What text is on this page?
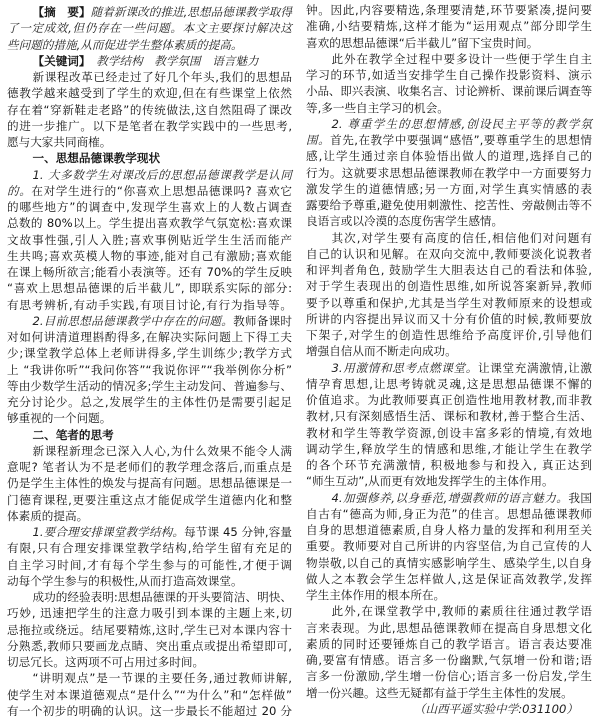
【摘　要】随着新课改的推进,思想品德课教学取得
了一定成效,但仍存在一些问题。本文主要探讨解决这
些问题的措施,从而促进学生整体素质的提高。
【关键词】　教学结构　教学氛围　语言魅力
新课程改革已经走过了好几个年头,我们的思想品
德教学越来越受到了学生的欢迎,但在有些课堂上依然
存在着“穿新鞋走老路”的传统做法,这自然阻碍了课改
的进一步推广。以下是笔者在教学实践中的一些思考,
愿与大家共同商榷。
一、思想品德课教学现状
1. 大多数学生对课改后的思想品德课教学是认同
的。在对学生进行的“你喜欢上思想品德课吗? 喜欢它
的哪些地方”的调查中,发现学生喜欢上的人数占调查
总数的 80%以上。学生提出喜欢教学气氛宽松:喜欢课
文故事性强,引人入胜;喜欢事例贴近学生生活而能产
生共鸣;喜欢英模人物的事迹,能对自己有激励;喜欢能
在课上畅所欲言;能看小表演等。还有 70%的学生反映
“喜欢上思想品德课的后半截儿”, 即联系实际的部分:
有思考辨析,有动手实践,有项目讨论,有行为指导等。
2.目前思想品德课教学中存在的问题。教师备课时
对如何讲清道理斟酌得多,在解决实际问题上下得工夫
少;课堂教学总体上老师讲得多,学生训练少;教学方式
上 “我讲你听”“我问你答”“我说你评”“我举例你分析”
等由少数学生活动的情况多;学生主动发问、普遍参与、
充分讨论少。总之,发展学生的主体性仍是需要引起足
够重视的一个问题。
二、笔者的思考
新课程新理念已深入人心,为什么效果不能令人满
意呢? 笔者认为不是老师们的教学理念落后,而重点是
仍是学生主体性的焕发与提高有问题。思想品德课是一
门德育课程,更要注重这点才能促成学生道德内化和整
体素质的提高。
1.要合理安排课堂教学结构。每节课 45 分钟,容量
有限,只有合理安排课堂教学结构,给学生留有充足的
自主学习时间,才有每个学生参与的可能性,才便于调
动每个学生参与的积极性,从而打造高效课堂。
成功的经验表明:思想品德课的开头要简洁、明快、
巧妙, 迅速把学生的注意力吸引到本课的主题上来,切
忌拖拉或绕远。结尾要精炼,这时,学生已对本课内容十
分熟悉,教师只要画龙点睛、突出重点或提出希望即可,
切忌冗长。这两项不可占用过多时间。
“讲明观点”是一节课的主要任务,通过教师讲解,
使学生对本课道德观点“是什么”“为什么”和“怎样做”
有一个初步的明确的认识。这一步最长不能超过 20 分
钟。因此,内容要精选,条理要清楚,环节要紧凑,提问要
准确,小结要精炼,这样才能为“运用观点”部分即学生
喜欢的思想品德课“后半截儿”留下宝贵时间。
此外在教学全过程中要多设计一些便于学生自主
学习的环节,如适当安排学生自己操作投影资料、演示
小品、即兴表演、收集名言、讨论辨析、课前课后调查等
等,多一些自主学习的机会。
2. 尊重学生的思想情感,创设民主平等的教学氛
围。首先,在教学中要强调“感悟”,要尊重学生的思想情
感,让学生通过亲自体验悟出做人的道理,选择自己的
行为。这就要求思想品德课教师在教学中一方面要努力
激发学生的道德情感;另一方面,对学生真实情感的表
露要给予尊重,避免使用刺激性、挖苦性、旁敲侧击等不
良语言或以冷漠的态度伤害学生感情。
其次,对学生要有高度的信任,相信他们对问题有
自己的认识和见解。在双向交流中,教师要淡化说教者
和评判者角色, 鼓励学生大胆表达自己的看法和体验,
对于学生表现出的创造性思维,如所说答案新异,教师
要予以尊重和保护,尤其是当学生对教师原来的设想或
所讲的内容提出异议而又十分有价值的时候,教师要放
下架子,对学生的创造性思维给予高度评价,引导他们
增强自信从而不断走向成功。
3.用激情和思考点燃课堂。让课堂充满激情,让激
情孕育思想,让思考铸就灵魂,这是思想品德课不懈的
价值追求。为此教师要真正创造性地用教材教,而非教
教材,只有深刻感悟生活、课标和教材,善于整合生活、
教材和学生等教学资源,创设丰富多彩的情境,有效地
调动学生,释放学生的情感和思维,才能让学生在教学
的各个环节充满激情, 积极地参与和投入, 真正达到
“师生互动”,从而更有效地发挥学生的主体作用。
4.加强修养,以身垂范,增强教师的语言魅力。我国
自古有“德高为师,身正为范”的佳言。思想品德课教师
自身的思想道德素质,自身人格力量的发挥和利用至关
重要。教师要对自己所讲的内容坚信,为自己宣传的人
物崇敬,以自己的真情实感影响学生、感染学生,以自身
做人之本教会学生怎样做人,这是保证高效教学,发挥
学生主体作用的根本所在。
此外,在课堂教学中,教师的素质往往通过教学语
言来表现。为此,思想品德课教师在提高自身思想文化
素质的同时还要锤炼自己的教学语言。语言表达要准
确,要富有情感。语言多一份幽默,气氛增一份和谐;语
言多一份激励,学生增一份信心;语言多一份启发,学生
增一份兴趣。这些无疑都有益于学生主体性的发展。
（山西平遥实验中学:031100）
